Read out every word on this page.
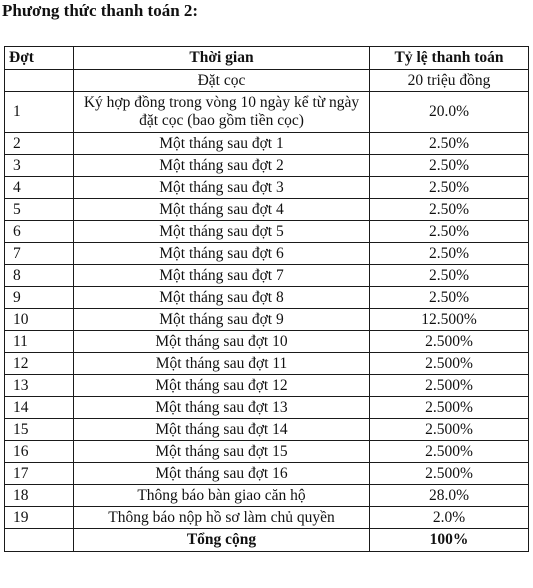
Phương thức thanh toán 2:
Đợt	Thời gian	Tỷ lệ thanh toán
	Đặt cọc	20 triệu đồng
1	Ký hợp đồng trong vòng 10 ngày kể từ ngày đặt cọc (bao gồm tiền cọc)	20.0%
2	Một tháng sau đợt 1	2.50%
3	Một tháng sau đợt 2	2.50%
4	Một tháng sau đợt 3	2.50%
5	Một tháng sau đợt 4	2.50%
6	Một tháng sau đợt 5	2.50%
7	Một tháng sau đợt 6	2.50%
8	Một tháng sau đợt 7	2.50%
9	Một tháng sau đợt 8	2.50%
10	Một tháng sau đợt 9	12.500%
11	Một tháng sau đợt 10	2.500%
12	Một tháng sau đợt 11	2.500%
13	Một tháng sau đợt 12	2.500%
14	Một tháng sau đợt 13	2.500%
15	Một tháng sau đợt 14	2.500%
16	Một tháng sau đợt 15	2.500%
17	Một tháng sau đợt 16	2.500%
18	Thông báo bàn giao căn hộ	28.0%
19	Thông báo nộp hồ sơ làm chủ quyền	2.0%
	Tổng cộng	100%
